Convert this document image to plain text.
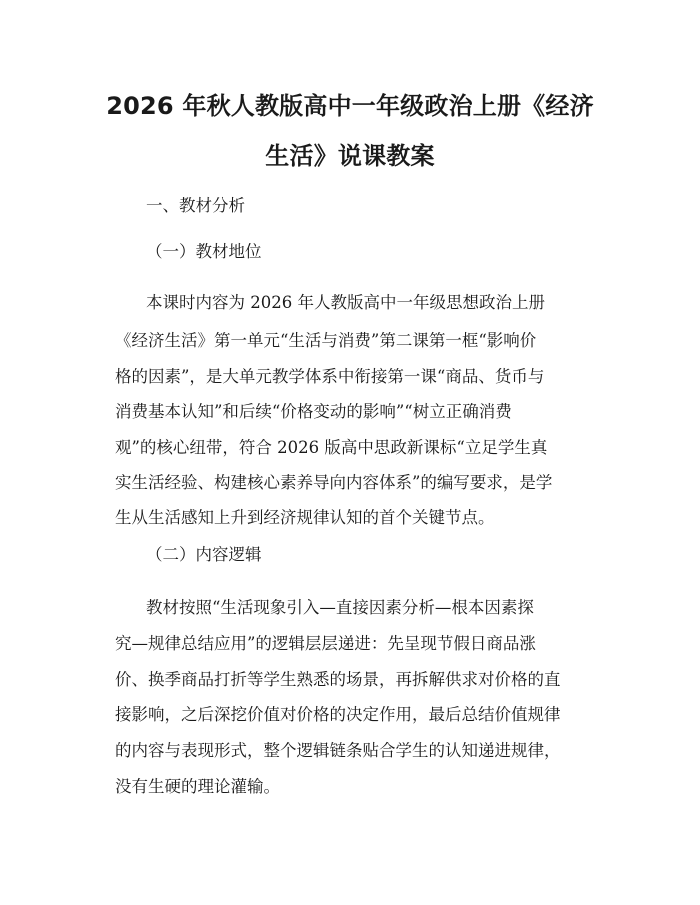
2026 年秋人教版高中一年级政治上册《经济
生活》说课教案

一、教材分析

（一）教材地位

本课时内容为 2026 年人教版高中一年级思想政治上册
《经济生活》第一单元“生活与消费”第二课第一框“影响价
格的因素”，是大单元教学体系中衔接第一课“商品、货币与
消费基本认知”和后续“价格变动的影响”“树立正确消费
观”的核心纽带，符合 2026 版高中思政新课标“立足学生真
实生活经验、构建核心素养导向内容体系”的编写要求，是学
生从生活感知上升到经济规律认知的首个关键节点。

（二）内容逻辑

教材按照“生活现象引入—直接因素分析—根本因素探
究—规律总结应用”的逻辑层层递进：先呈现节假日商品涨
价、换季商品打折等学生熟悉的场景，再拆解供求对价格的直
接影响，之后深挖价值对价格的决定作用，最后总结价值规律
的内容与表现形式，整个逻辑链条贴合学生的认知递进规律，
没有生硬的理论灌输。
